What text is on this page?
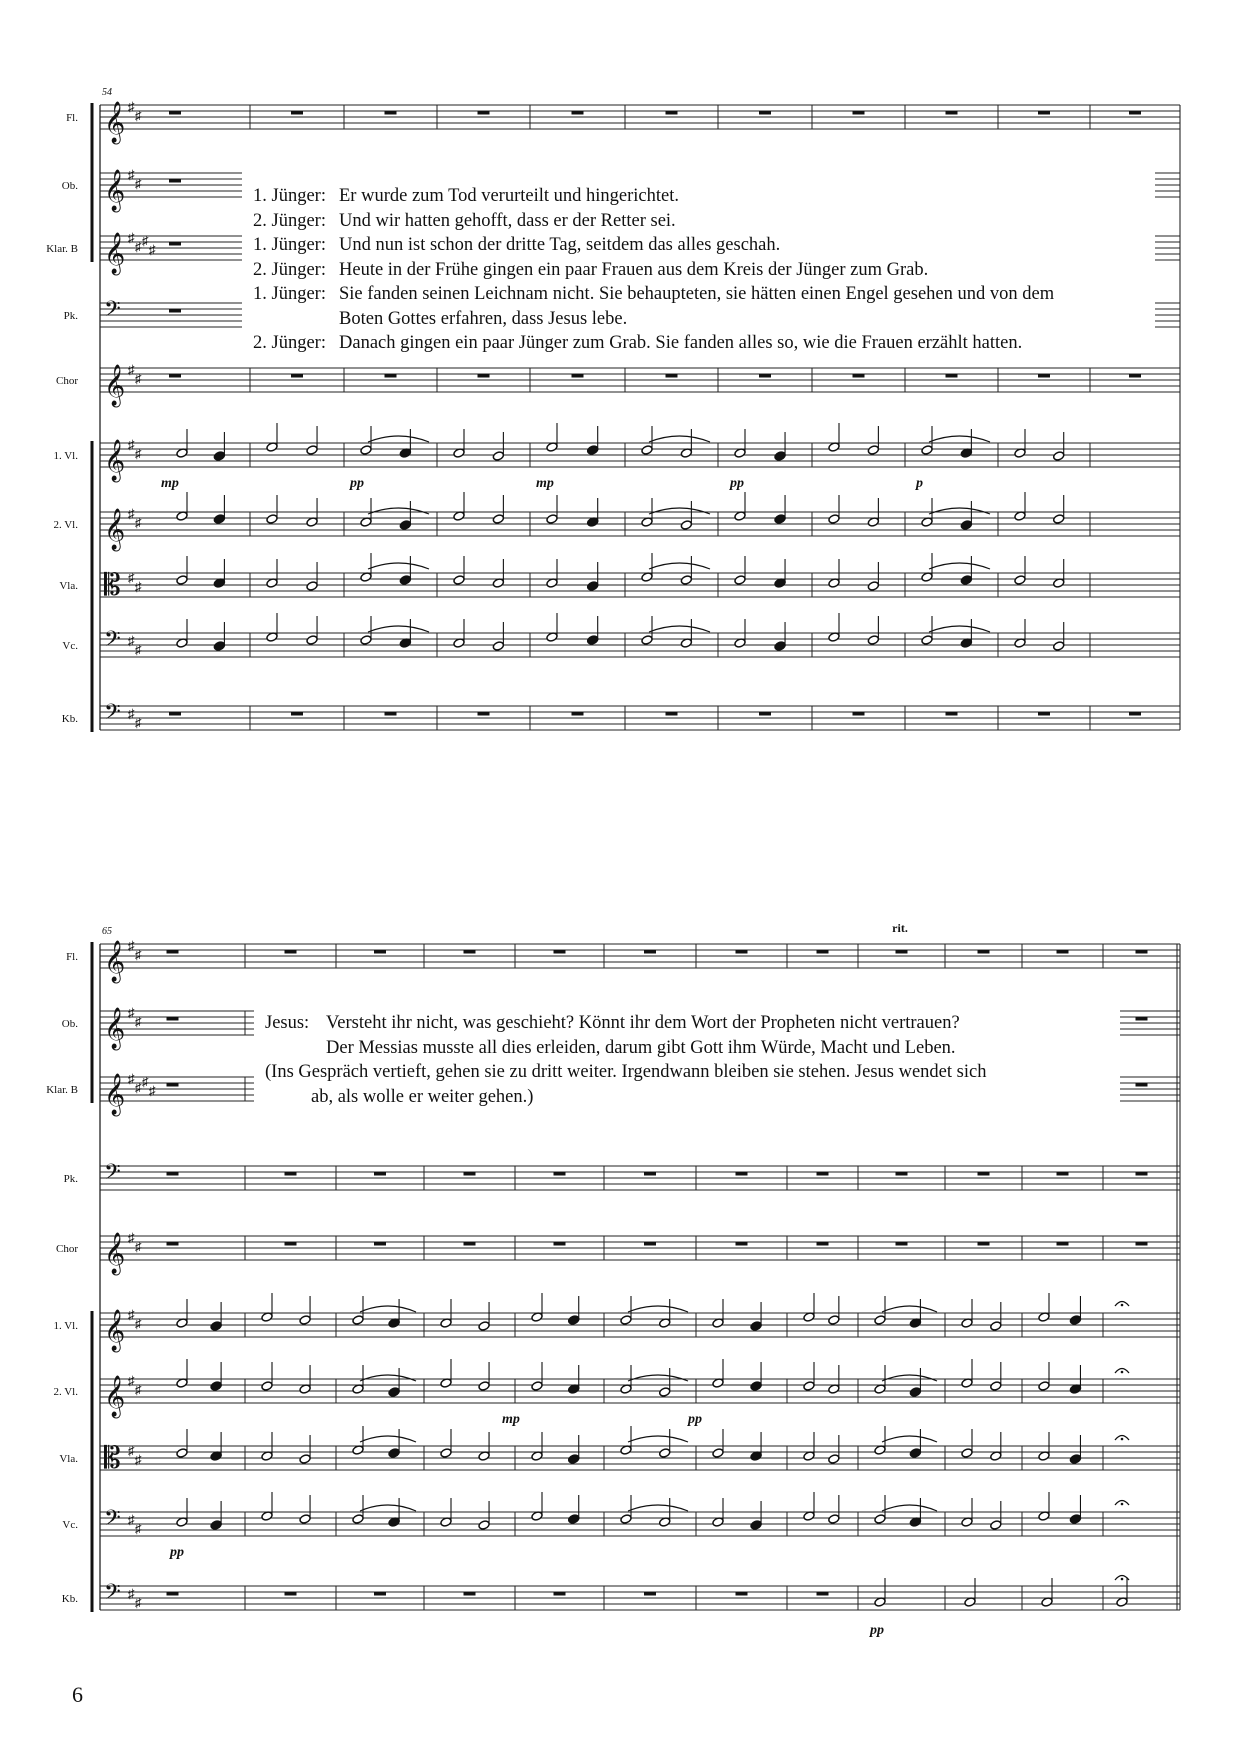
54
Fl. 𝄞 ♯
♯
Ob. 𝄞 ♯
♯
Klar. B 𝄞 ♯
♯ ♯
♯
Pk. 𝄢
Chor 𝄞 ♯
♯
1. Vl. 𝄞 ♯
♯
2. Vl. 𝄞 ♯
♯
Vla. 𝄡 ♯
♯
Vc. 𝄢 ♯
♯
Kb. 𝄢 ♯
♯
mp	pp	mp	pp	p
65	rit.
Fl. 𝄞 ♯
♯
Ob. 𝄞 ♯
♯
Klar. B 𝄞 ♯
♯ ♯
♯
Pk. 𝄢
Chor 𝄞 ♯
♯
1. Vl. 𝄞 ♯
♯
2. Vl. 𝄞 ♯
♯
Vla. 𝄡 ♯
♯
Vc. 𝄢 ♯
♯
Kb. 𝄢 ♯
♯
mp	pp
pp
pp
1. Jünger: Er wurde zum Tod verurteilt und hingerichtet.
2. Jünger: Und wir hatten gehofft, dass er der Retter sei.
1. Jünger: Und nun ist schon der dritte Tag, seitdem das alles geschah.
2. Jünger: Heute in der Frühe gingen ein paar Frauen aus dem Kreis der Jünger zum Grab.
1. Jünger: Sie fanden seinen Leichnam nicht. Sie behaupteten, sie hätten einen Engel gesehen und von dem
Boten Gottes erfahren, dass Jesus lebe.
2. Jünger: Danach gingen ein paar Jünger zum Grab. Sie fanden alles so, wie die Frauen erzählt hatten.
Jesus: Versteht ihr nicht, was geschieht? Könnt ihr dem Wort der Propheten nicht vertrauen?
Der Messias musste all dies erleiden, darum gibt Gott ihm Würde, Macht und Leben.
(Ins Gespräch vertieft, gehen sie zu dritt weiter. Irgendwann bleiben sie stehen. Jesus wendet sich
ab, als wolle er weiter gehen.)
6
